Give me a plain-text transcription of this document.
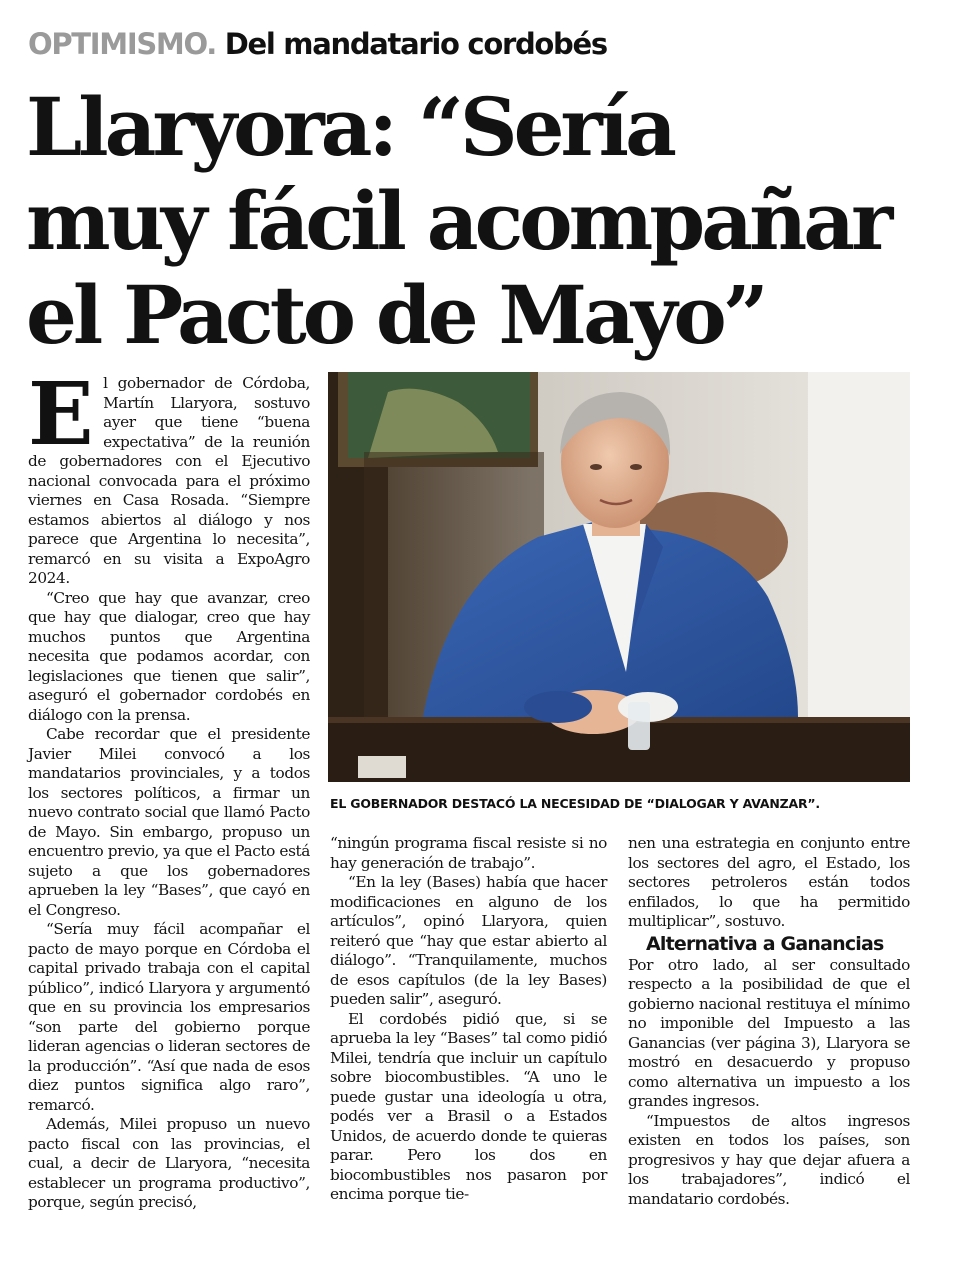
OPTIMISMO. Del mandatario cordobés
Llaryora: “Sería
muy fácil acompañar
el Pacto de Mayo”

El gobernador de Córdoba, Martín Llaryora, sostuvo ayer que tiene “buena expectativa” de la reunión de gobernadores con el Ejecutivo nacional convocada para el próximo viernes en Casa Rosada. “Siempre estamos abiertos al diálogo y nos parece que Argentina lo necesita”, remarcó en su visita a ExpoAgro 2024.

“Creo que hay que avanzar, creo que hay que dialogar, creo que hay muchos puntos que Argentina necesita que podamos acordar, con legislaciones que tienen que salir”, aseguró el gobernador cordobés en diálogo con la prensa.

Cabe recordar que el presidente Javier Milei convocó a los mandatarios provinciales, y a todos los sectores políticos, a firmar un nuevo contrato social que llamó Pacto de Mayo. Sin embargo, propuso un encuentro previo, ya que el Pacto está sujeto a que los gobernadores aprueben la ley “Bases”, que cayó en el Congreso.

“Sería muy fácil acompañar el pacto de mayo porque en Córdoba el capital privado trabaja con el capital público”, indicó Llaryora y argumentó que en su provincia los empresarios “son parte del gobierno porque lideran agencias o lideran sectores de la producción”. “Así que nada de esos diez puntos significa algo raro”, remarcó.

Además, Milei propuso un nuevo pacto fiscal con las provincias, el cual, a decir de Llaryora, “necesita establecer un programa productivo”, porque, según precisó,

EL GOBERNADOR DESTACÓ LA NECESIDAD DE “DIALOGAR Y AVANZAR”.

“ningún programa fiscal resiste si no hay generación de trabajo”.

“En la ley (Bases) había que hacer modificaciones en alguno de los artículos”, opinó Llaryora, quien reiteró que “hay que estar abierto al diálogo”. “Tranquilamente, muchos de esos capítulos (de la ley Bases) pueden salir”, aseguró.

El cordobés pidió que, si se aprueba la ley “Bases” tal como pidió Milei, tendría que incluir un capítulo sobre biocombustibles. “A uno le puede gustar una ideología u otra, podés ver a Brasil o a Estados Unidos, de acuerdo donde te quieras parar. Pero los dos en biocombustibles nos pasaron por encima porque tie-

nen una estrategia en conjunto entre los sectores del agro, el Estado, los sectores petroleros están todos enfilados, lo que ha permitido multiplicar”, sostuvo.

Alternativa a Ganancias

Por otro lado, al ser consultado respecto a la posibilidad de que el gobierno nacional restituya el mínimo no imponible del Impuesto a las Ganancias (ver página 3), Llaryora se mostró en desacuerdo y propuso como alternativa un impuesto a los grandes ingresos.

“Impuestos de altos ingresos existen en todos los países, son progresivos y hay que dejar afuera a los trabajadores”, indicó el mandatario cordobés.
